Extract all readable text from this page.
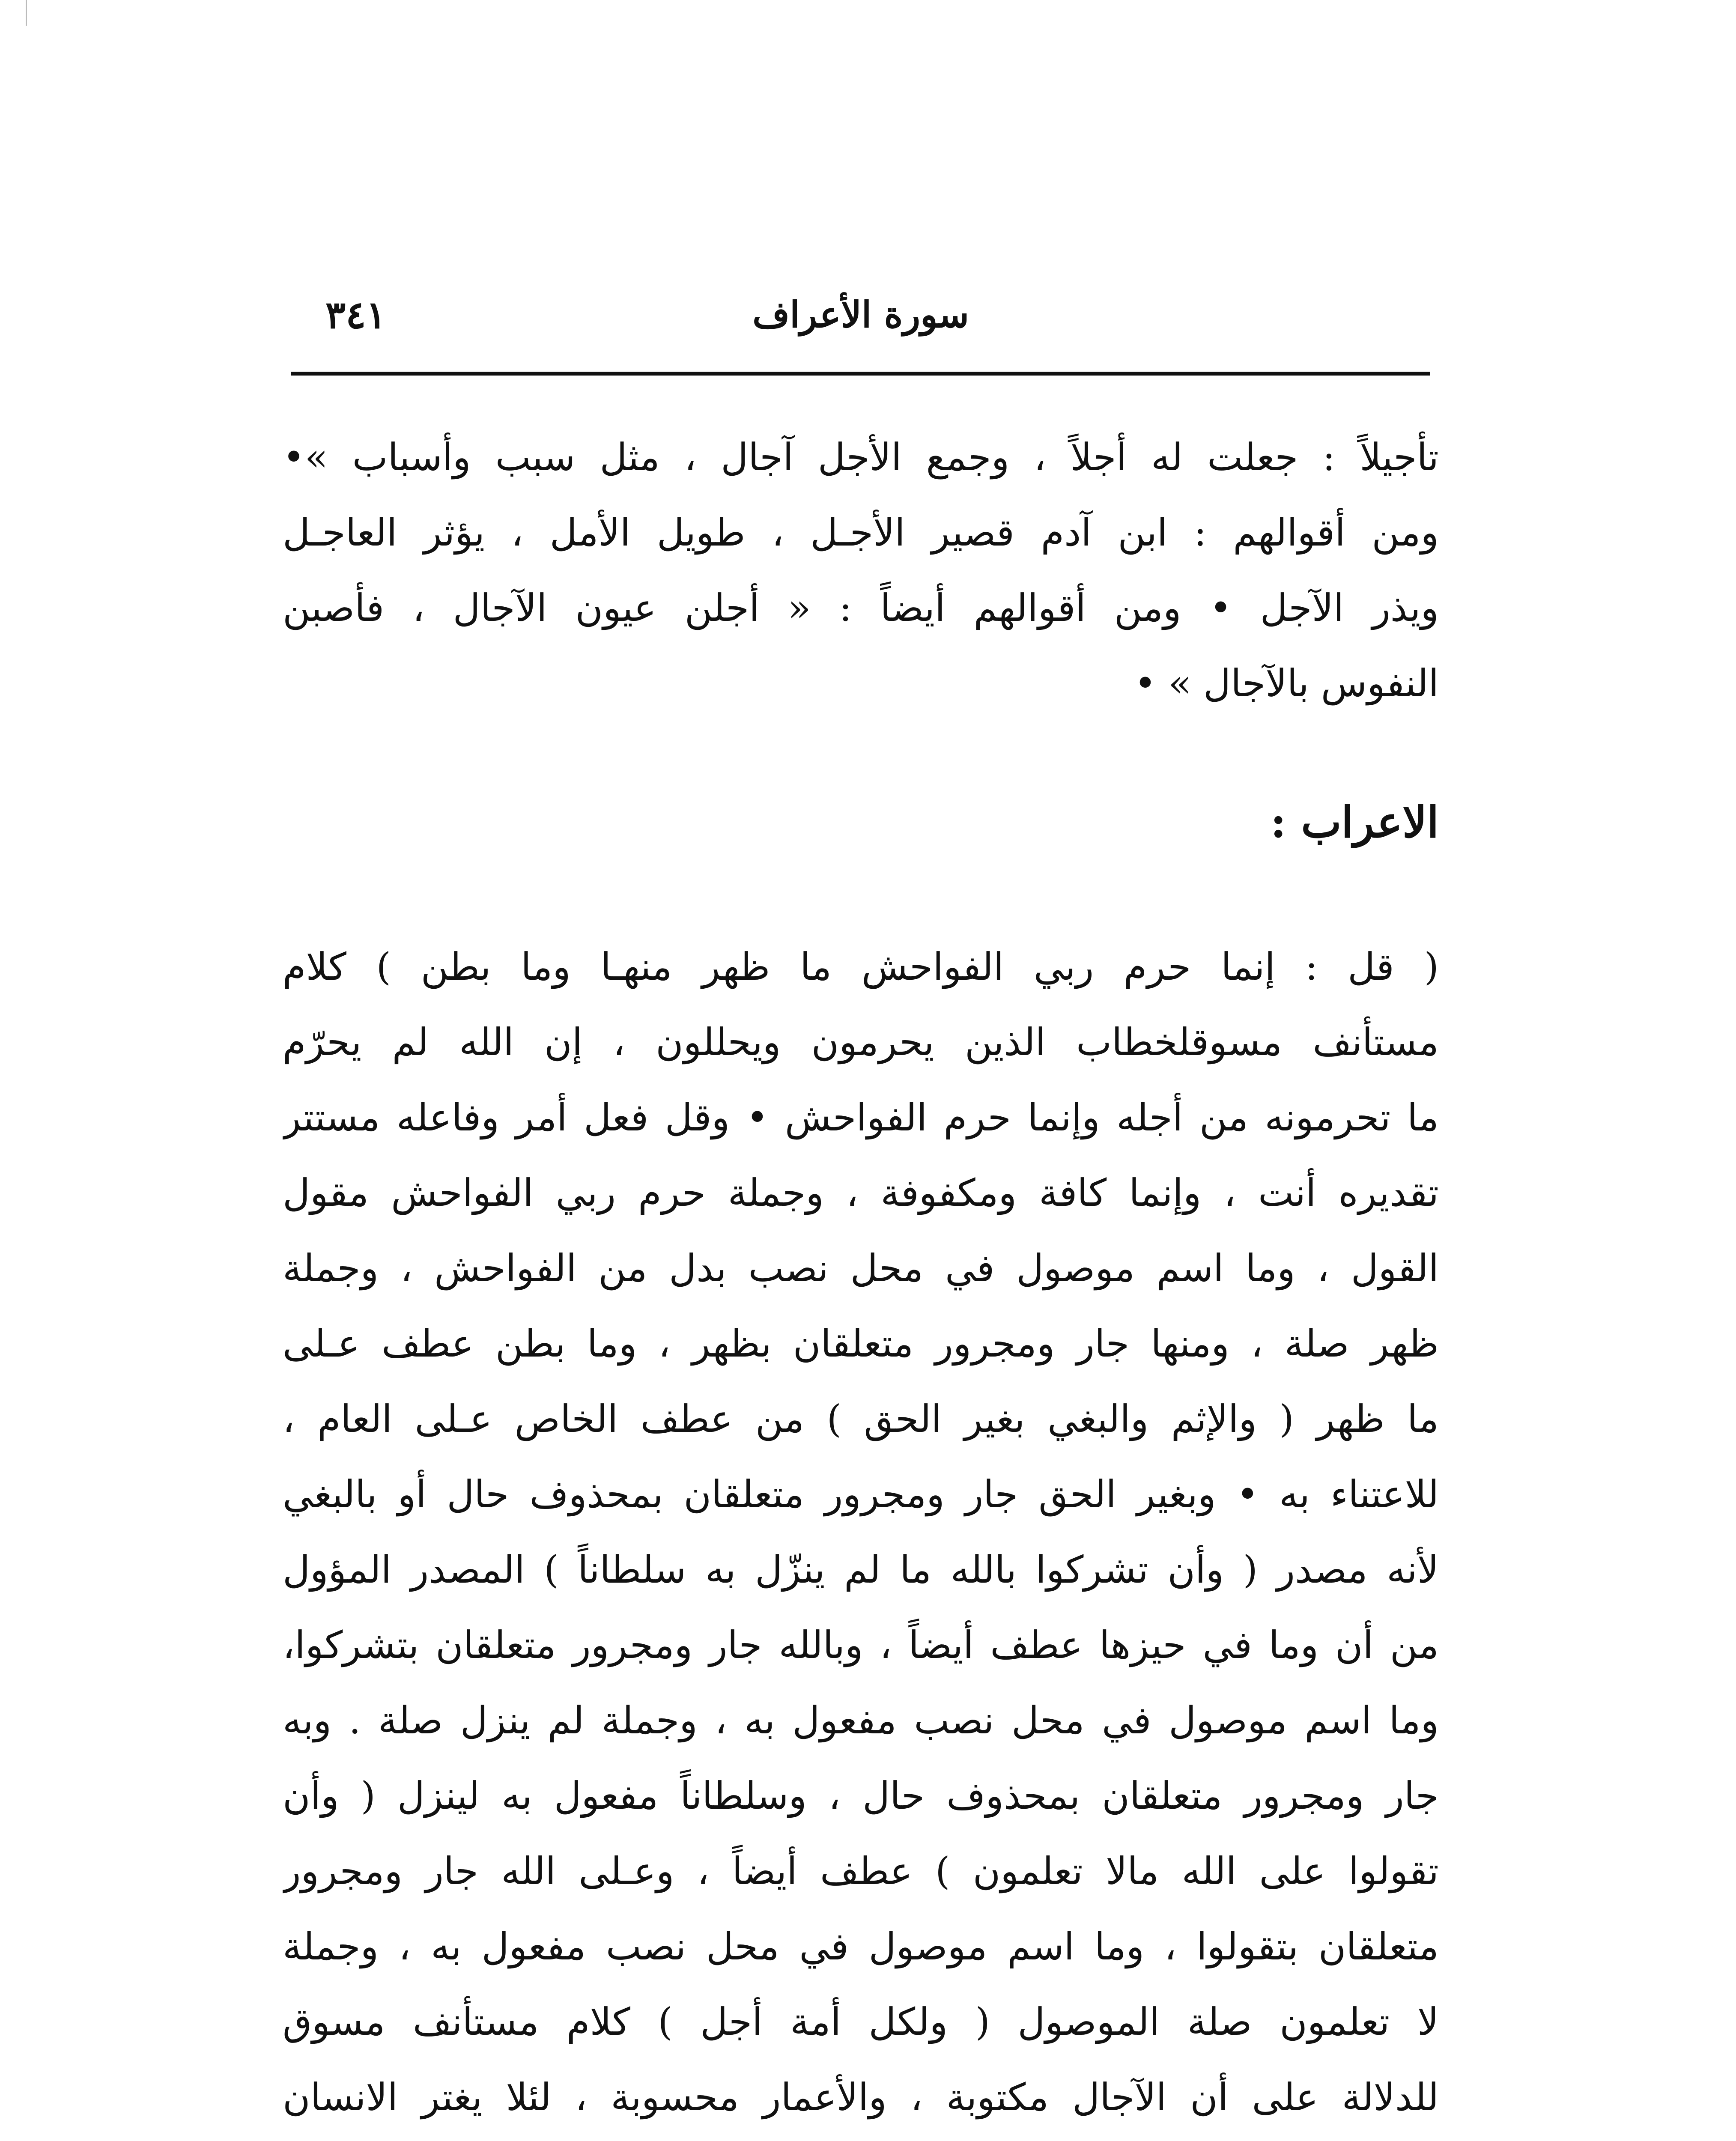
سورة الأعراف
٣٤١
تأجيلاً : جعلت له أجلاً ، وجمع الأجل آجال ، مثل سبب وأسباب »•
ومن أقوالهم : ابن آدم قصير الأجـل ، طويل الأمل ، يؤثر العاجـل
ويذر الآجل • ومن أقوالهم أيضاً : « أجلن عيون الآجال ، فأصبن
النفوس بالآجال » •
الاعراب :
( قل : إنما حرم ربي الفواحش ما ظهر منهـا وما بطن ) كلام
مستأنف مسوقلخطاب الذين يحرمون ويحللون ، إن الله لم يحرّم
ما تحرمونه من أجله وإنما حرم الفواحش • وقل فعل أمر وفاعله مستتر
تقديره أنت ، وإنما كافة ومكفوفة ، وجملة حرم ربي الفواحش مقول
القول ، وما اسم موصول في محل نصب بدل من الفواحش ، وجملة
ظهر صلة ، ومنها جار ومجرور متعلقان بظهر ، وما بطن عطف عـلى
ما ظهر ( والإثم والبغي بغير الحق ) من عطف الخاص عـلى العام ،
للاعتناء به • وبغير الحق جار ومجرور متعلقان بمحذوف حال أو بالبغي
لأنه مصدر ( وأن تشركوا بالله ما لم ينزّل به سلطاناً ) المصدر المؤول
من أن وما في حيزها عطف أيضاً ، وبالله جار ومجرور متعلقان بتشركوا،
وما اسم موصول في محل نصب مفعول به ، وجملة لم ينزل صلة . وبه
جار ومجرور متعلقان بمحذوف حال ، وسلطاناً مفعول به لينزل ( وأن
تقولوا على الله مالا تعلمون ) عطف أيضاً ، وعـلى الله جار ومجرور
متعلقان بتقولوا ، وما اسم موصول في محل نصب مفعول به ، وجملة
لا تعلمون صلة الموصول ( ولكل أمة أجل ) كلام مستأنف مسوق
للدلالة على أن الآجال مكتوبة ، والأعمار محسوبة ، لئلا يغتر الانسان
